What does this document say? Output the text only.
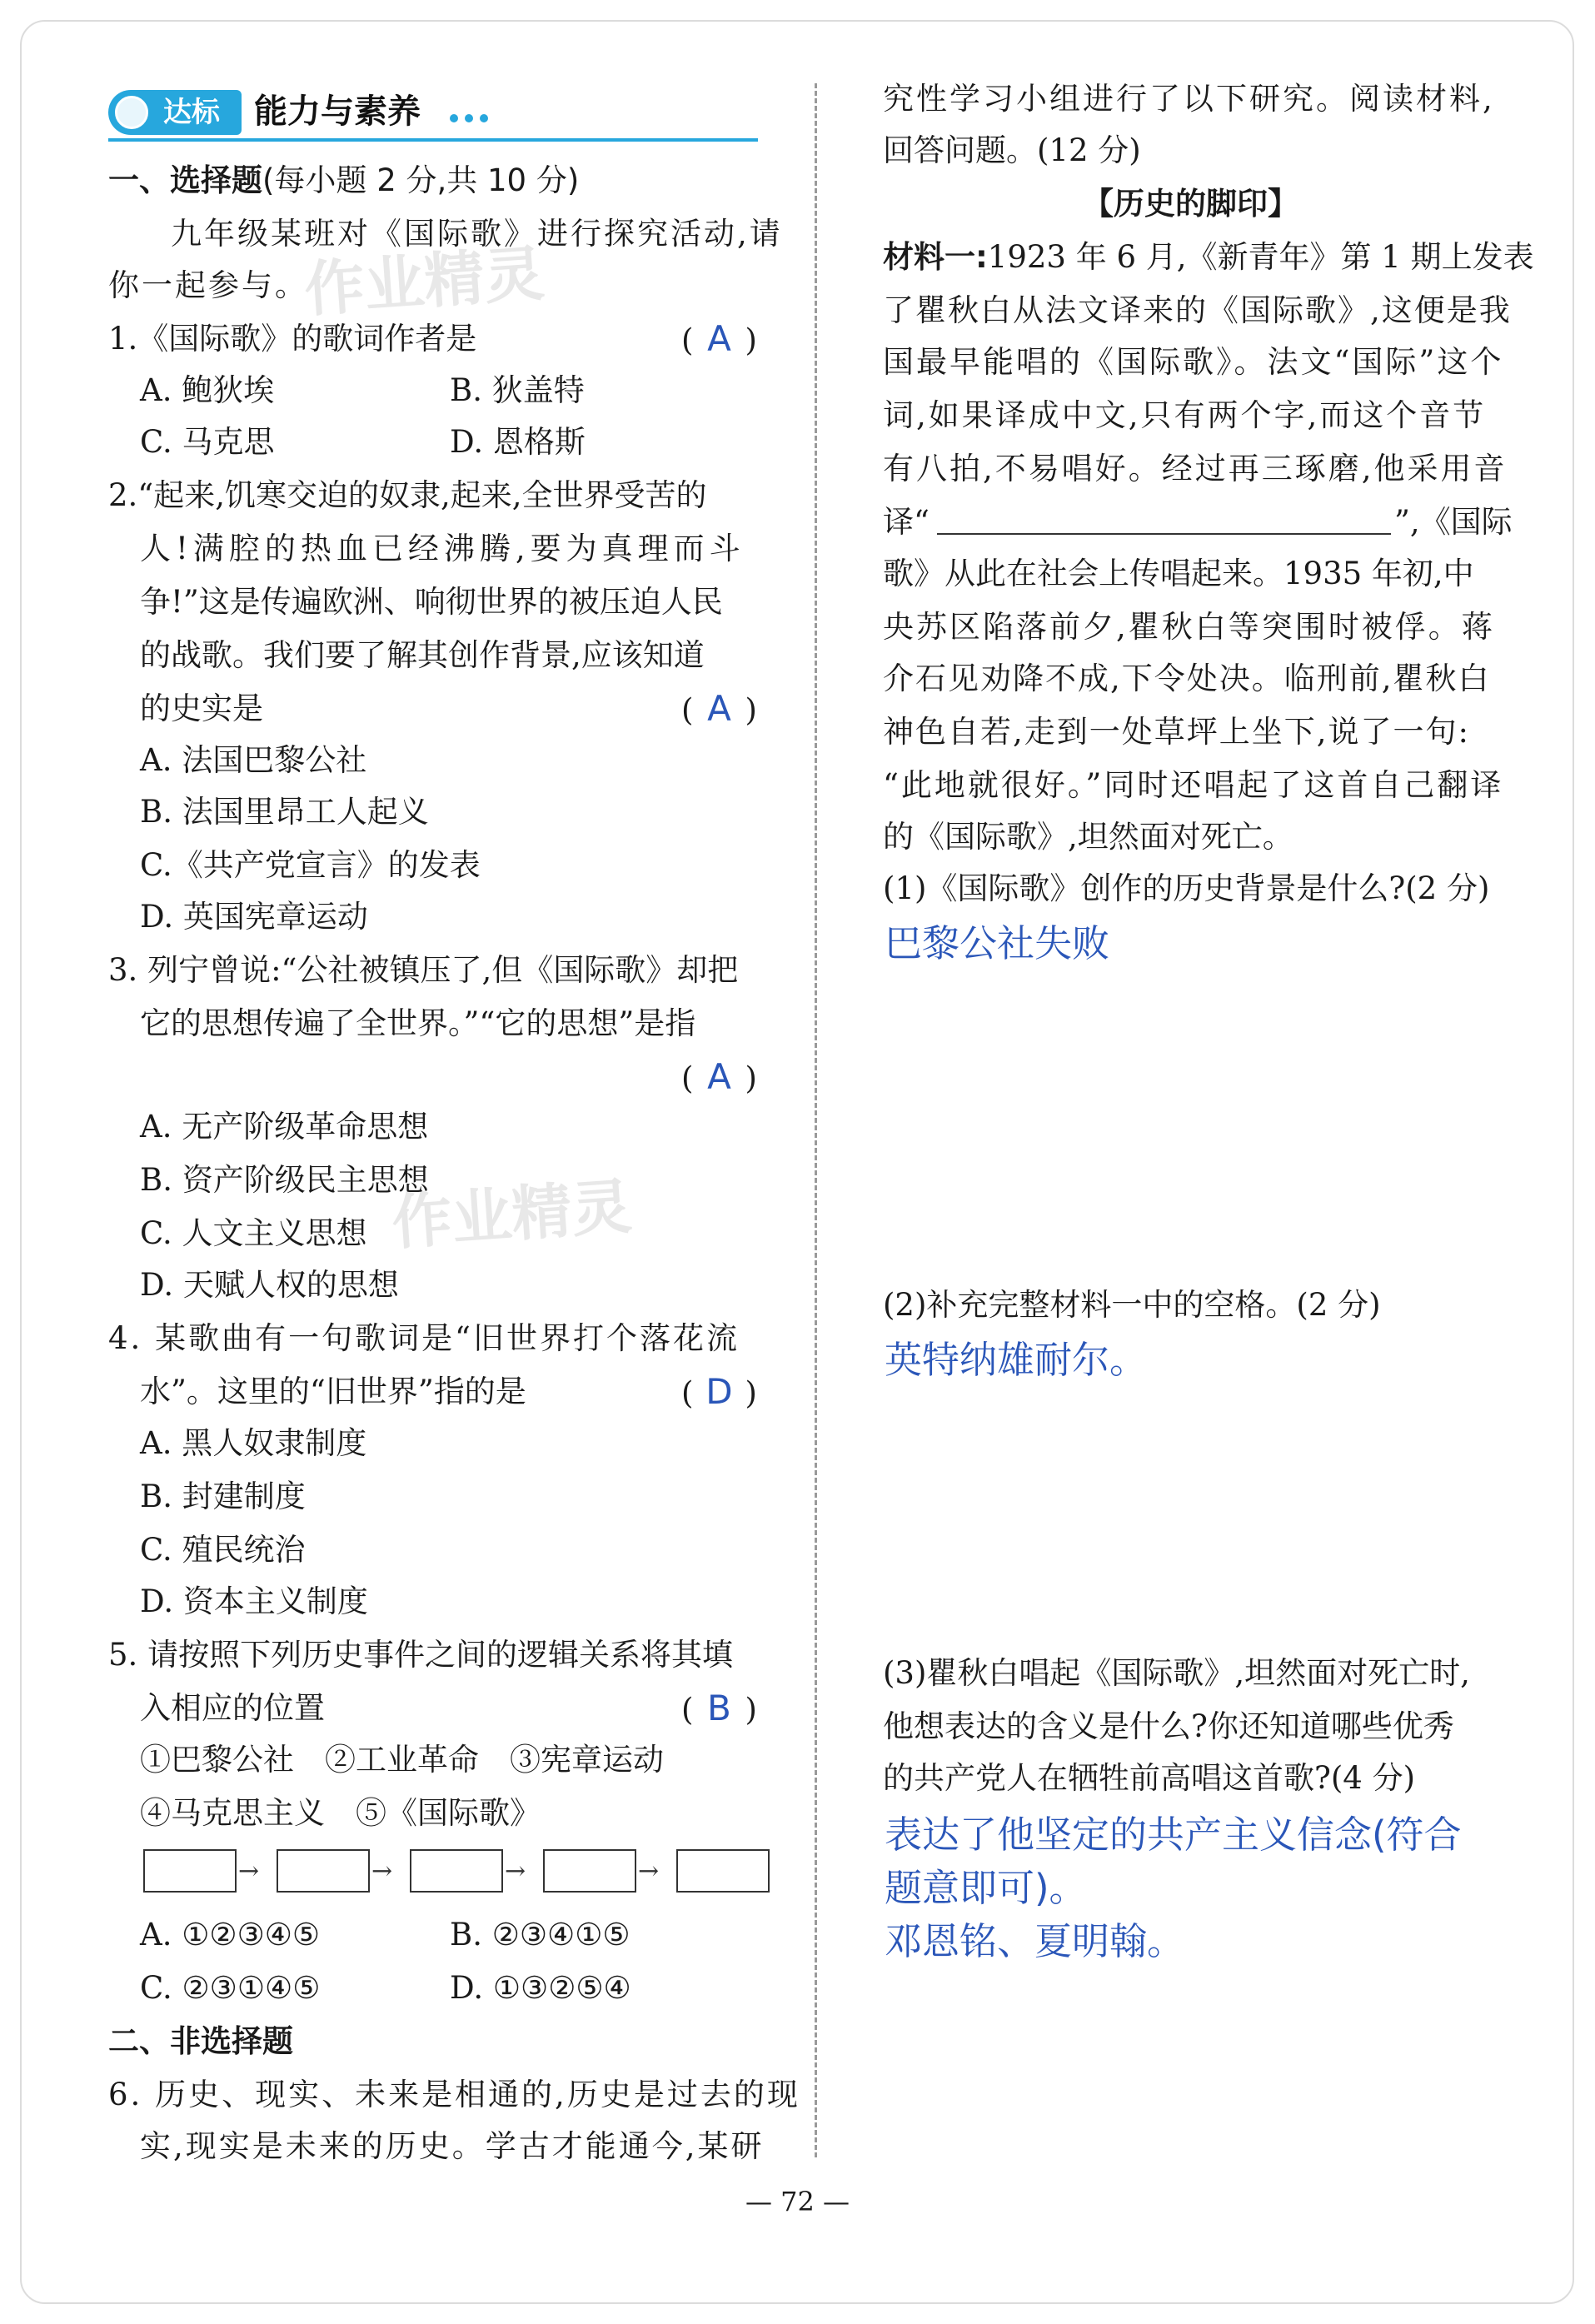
达标 能力与素养
作业精灵
作业精灵
一、选择题(每小题 2 分,共 10 分)
九年级某班对《国际歌》进行探究活动,请
你一起参与。
1.《国际歌》的歌词作者是	( A )
A. 鲍狄埃	B. 狄盖特
C. 马克思	D. 恩格斯
2.“起来,饥寒交迫的奴隶,起来,全世界受苦的
人!满腔的热血已经沸腾,要为真理而斗
争!”这是传遍欧洲、响彻世界的被压迫人民
的战歌。我们要了解其创作背景,应该知道
的史实是	( A )
A. 法国巴黎公社
B. 法国里昂工人起义
C.《共产党宣言》的发表
D. 英国宪章运动
3. 列宁曾说:“公社被镇压了,但《国际歌》却把
它的思想传遍了全世界。”“它的思想”是指
( A )
A. 无产阶级革命思想
B. 资产阶级民主思想
C. 人文主义思想
D. 天赋人权的思想
4. 某歌曲有一句歌词是“旧世界打个落花流
水”。这里的“旧世界”指的是	( D )
A. 黑人奴隶制度
B. 封建制度
C. 殖民统治
D. 资本主义制度
5. 请按照下列历史事件之间的逻辑关系将其填
入相应的位置	( B )
①巴黎公社　②工业革命　③宪章运动
④马克思主义　⑤《国际歌》
→	→	→	→
A. ①②③④⑤	B. ②③④①⑤
C. ②③①④⑤	D. ①③②⑤④
二、非选择题
6. 历史、现实、未来是相通的,历史是过去的现
实,现实是未来的历史。学古才能通今,某研
究性学习小组进行了以下研究。阅读材料,
回答问题。(12 分)
【历史的脚印】
材料一:1923 年 6 月,《新青年》第 1 期上发表
了瞿秋白从法文译来的《国际歌》,这便是我
国最早能唱的《国际歌》。法文“国际”这个
词,如果译成中文,只有两个字,而这个音节
有八拍,不易唱好。经过再三琢磨,他采用音
译“	”,《国际
歌》从此在社会上传唱起来。1935 年初,中
央苏区陷落前夕,瞿秋白等突围时被俘。蒋
介石见劝降不成,下令处决。临刑前,瞿秋白
神色自若,走到一处草坪上坐下,说了一句:
“此地就很好。”同时还唱起了这首自己翻译
的《国际歌》,坦然面对死亡。
(1)《国际歌》创作的历史背景是什么?(2 分)
巴黎公社失败
(2)补充完整材料一中的空格。(2 分)
英特纳雄耐尔。
(3)瞿秋白唱起《国际歌》,坦然面对死亡时,
他想表达的含义是什么?你还知道哪些优秀
的共产党人在牺牲前高唱这首歌?(4 分)
表达了他坚定的共产主义信念(符合
题意即可)。
邓恩铭、夏明翰。
— 72 —
